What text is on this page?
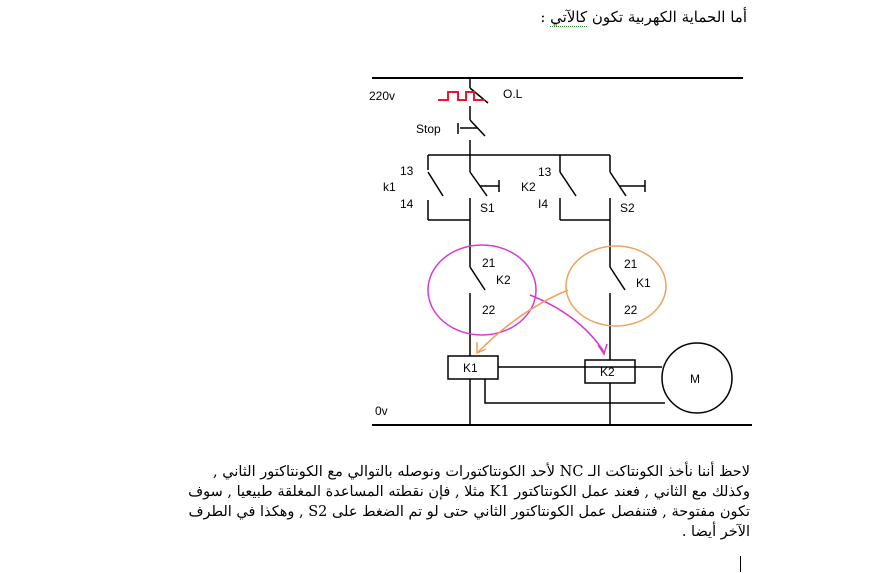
أما الحماية الكهربية تكون كالآتي :
220v	O.L
Stop
13
k1
14	S1
13
K2
I4	S2
21
K2
22
21
K1
22
K1	K2	M
0v
لاحظ أننا نأخذ الكونتاكت الـ NC لأحد الكونتاكتورات ونوصله بالتوالي مع الكونتاكتور الثاني ,
وكذلك مع الثاني , فعند عمل الكونتاكتور K1 مثلا , فإن نقطته المساعدة المغلقة طبيعيا , سوف
تكون مفتوحة , فتنفصل عمل الكونتاكتور الثاني حتى لو تم الضغط على S2 , وهكذا في الطرف
الآخر أيضا .
